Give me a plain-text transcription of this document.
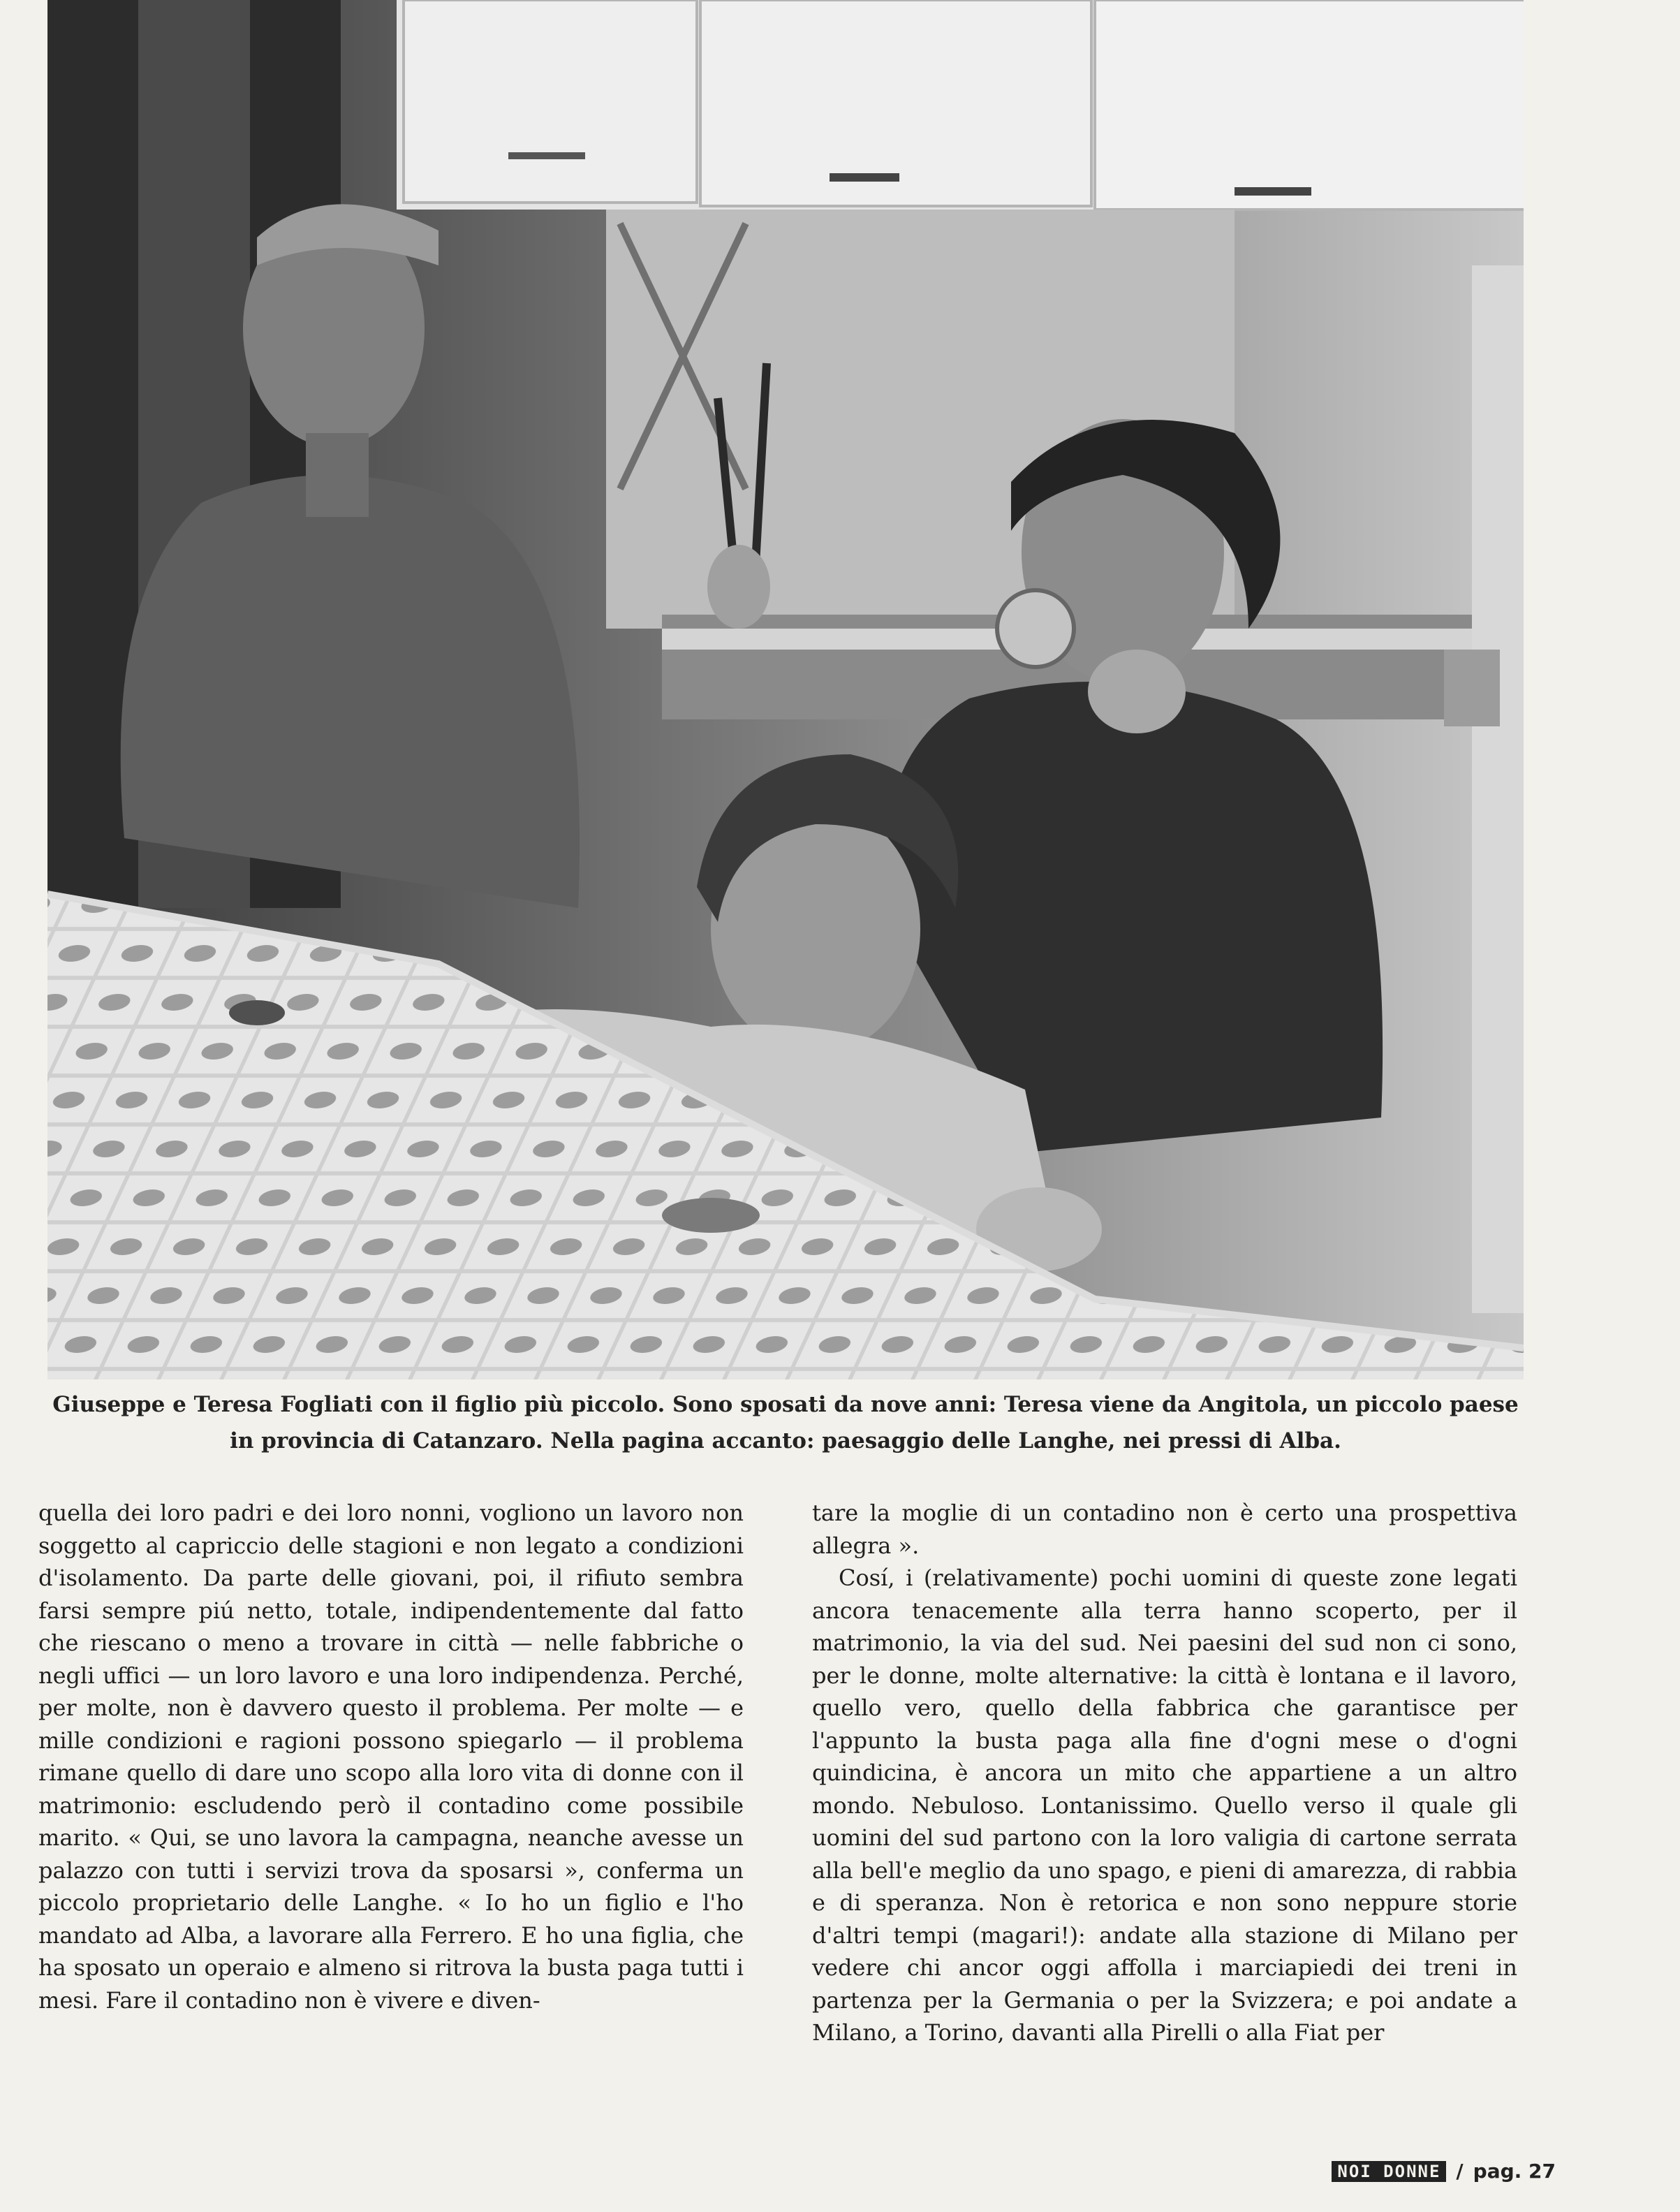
Giuseppe e Teresa Fogliati con il figlio più piccolo. Sono sposati da nove anni: Teresa viene da Angitola, un piccolo paese
in provincia di Catanzaro. Nella pagina accanto: paesaggio delle Langhe, nei pressi di Alba.

quella dei loro padri e dei loro nonni, vogliono un lavoro non soggetto al capriccio delle stagioni e non legato a condizioni d'isolamento. Da parte delle giovani, poi, il rifiuto sembra farsi sempre piú netto, totale, indipendentemente dal fatto che riescano o meno a trovare in città — nelle fabbriche o negli uffici — un loro lavoro e una loro indipendenza. Perché, per molte, non è davvero questo il problema. Per molte — e mille condizioni e ragioni possono spiegarlo — il problema rimane quello di dare uno scopo alla loro vita di donne con il matrimonio: escludendo però il contadino come possibile marito. « Qui, se uno lavora la campagna, neanche avesse un palazzo con tutti i servizi trova da sposarsi », conferma un piccolo proprietario delle Langhe. « Io ho un figlio e l'ho mandato ad Alba, a lavorare alla Ferrero. E ho una figlia, che ha sposato un operaio e almeno si ritrova la busta paga tutti i mesi. Fare il contadino non è vivere e diven-

tare la moglie di un contadino non è certo una prospettiva allegra ».

Cosí, i (relativamente) pochi uomini di queste zone legati ancora tenacemente alla terra hanno scoperto, per il matrimonio, la via del sud. Nei paesini del sud non ci sono, per le donne, molte alternative: la città è lontana e il lavoro, quello vero, quello della fabbrica che garantisce per l'appunto la busta paga alla fine d'ogni mese o d'ogni quindicina, è ancora un mito che appartiene a un altro mondo. Nebuloso. Lontanissimo. Quello verso il quale gli uomini del sud partono con la loro valigia di cartone serrata alla bell'e meglio da uno spago, e pieni di amarezza, di rabbia e di speranza. Non è retorica e non sono neppure storie d'altri tempi (magari!): andate alla stazione di Milano per vedere chi ancor oggi affolla i marciapiedi dei treni in partenza per la Germania o per la Svizzera; e poi andate a Milano, a Torino, davanti alla Pirelli o alla Fiat per

NOI DONNE / pag. 27
